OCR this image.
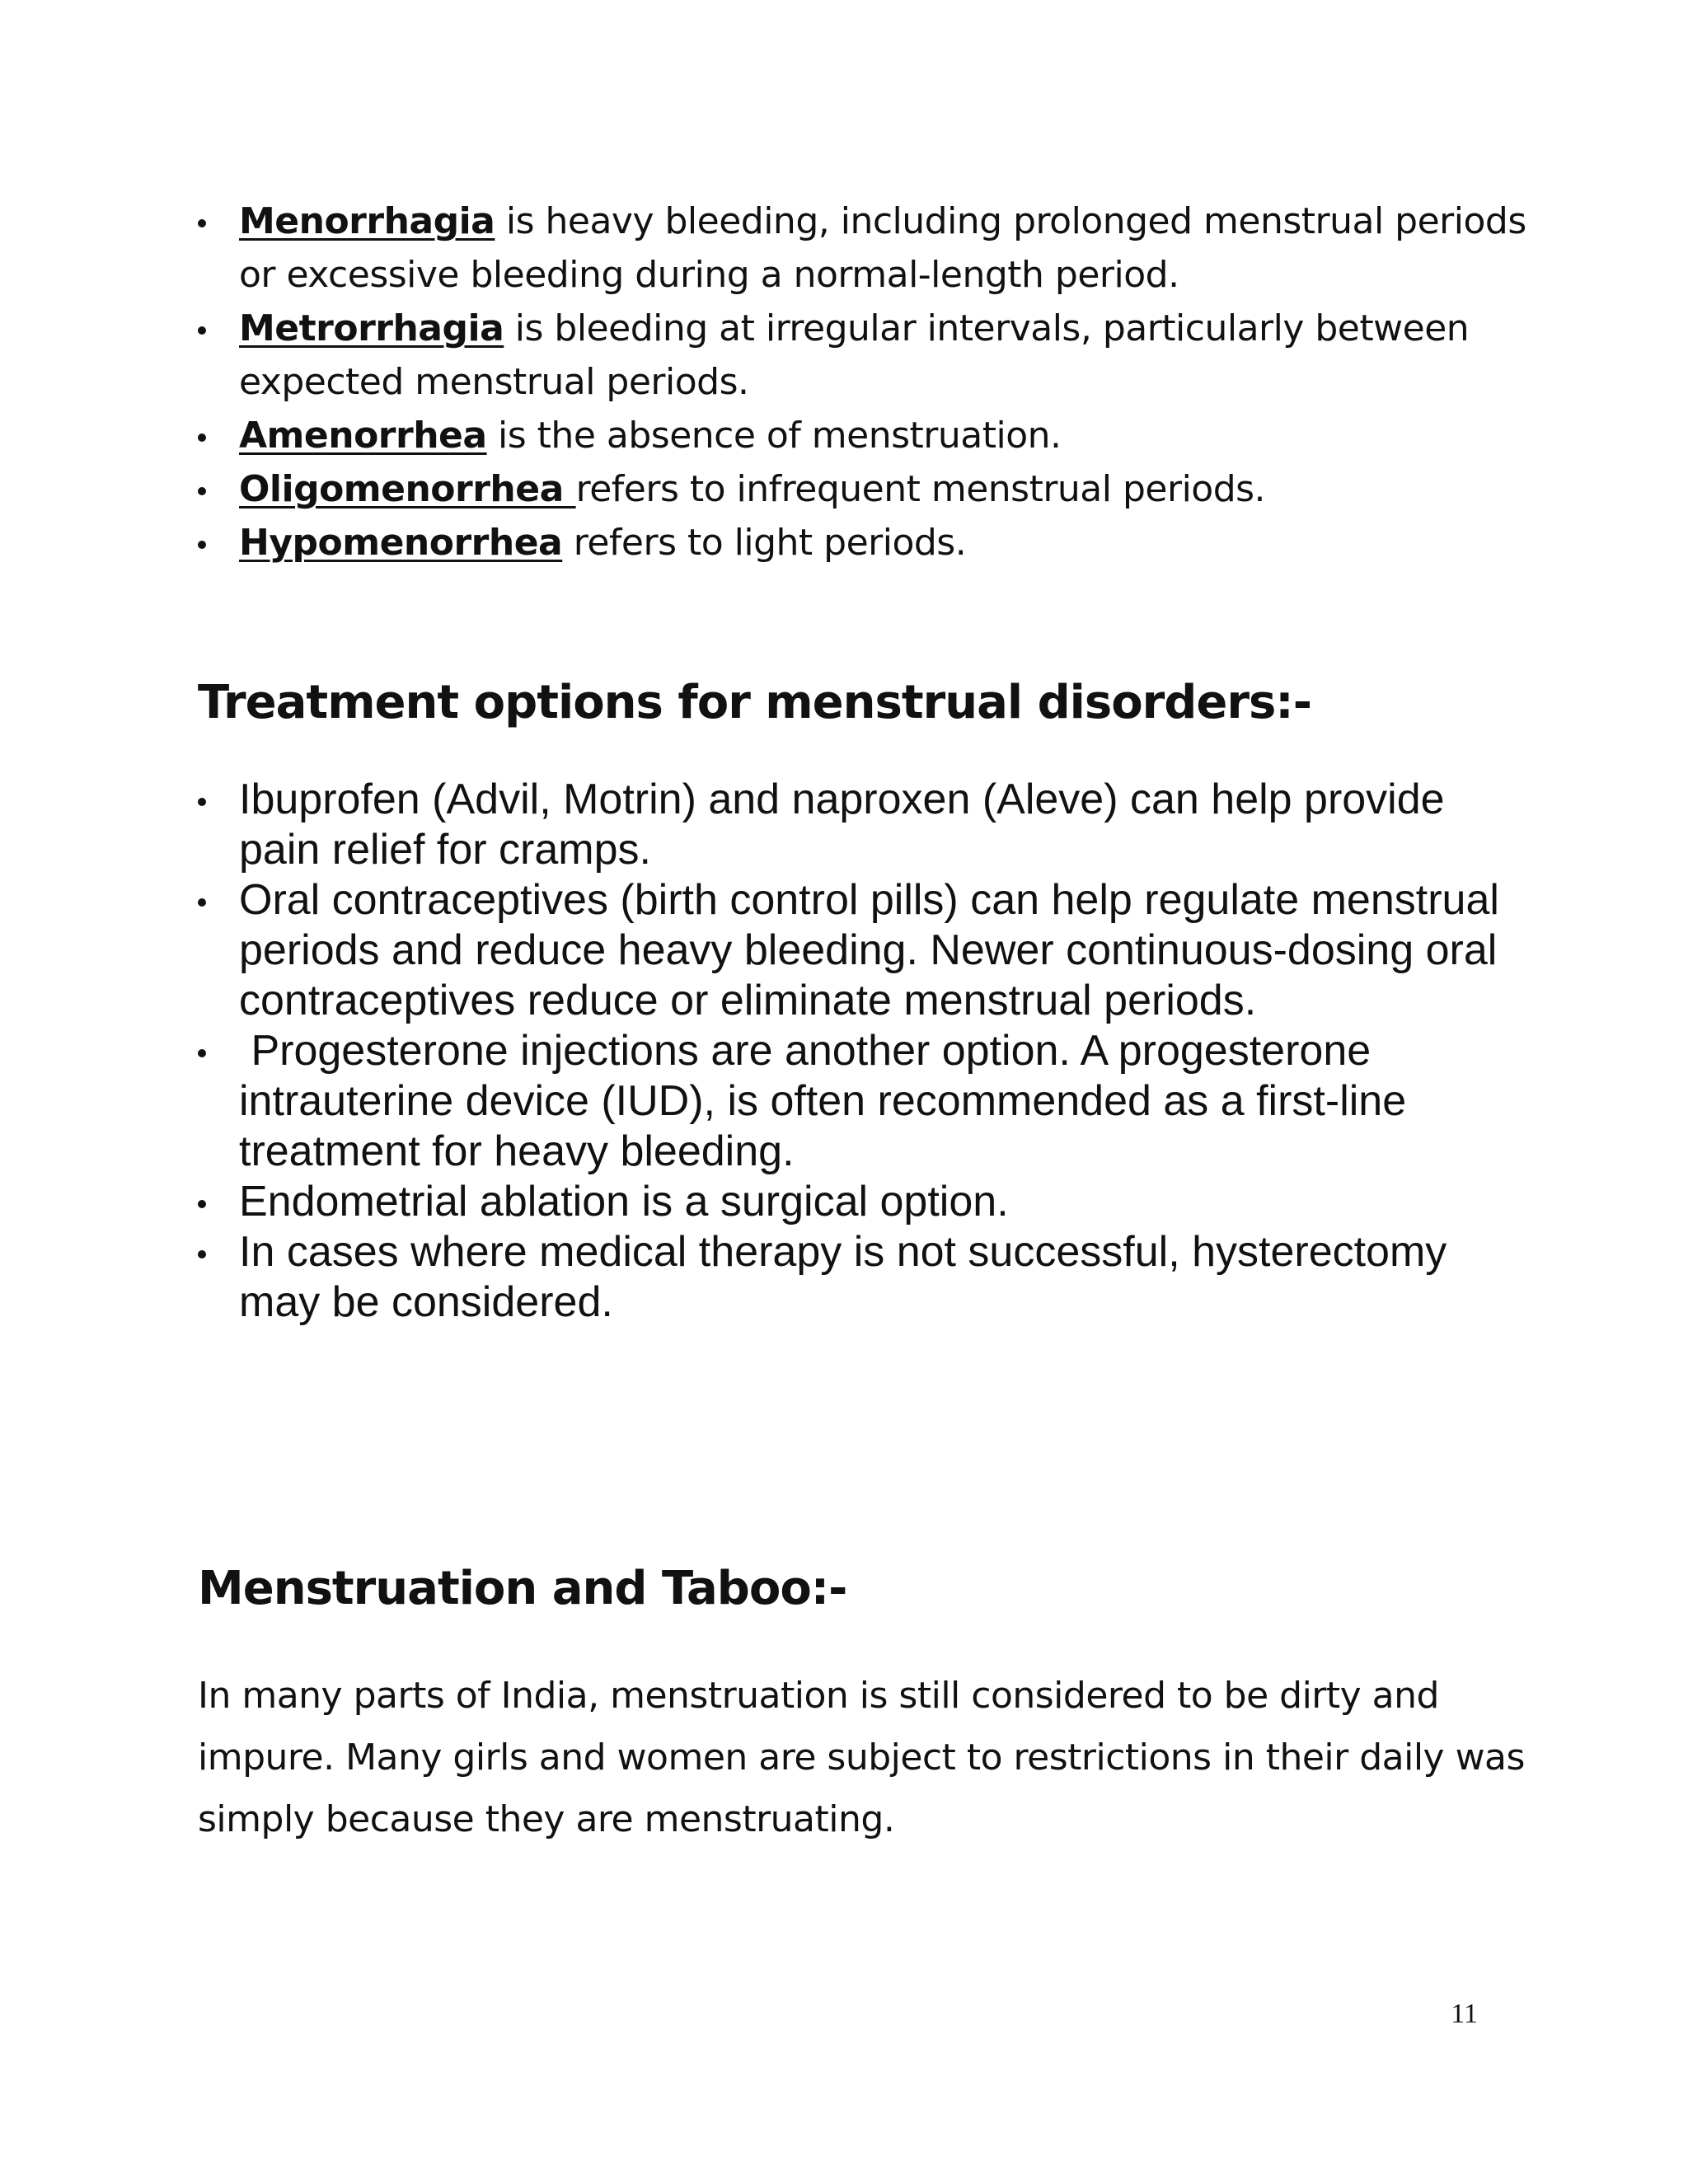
Menorrhagia is heavy bleeding, including prolonged menstrual periods or excessive bleeding during a normal-length period.
Metrorrhagia is bleeding at irregular intervals, particularly between expected menstrual periods.
Amenorrhea is the absence of menstruation.
Oligomenorrhea refers to infrequent menstrual periods.
Hypomenorrhea refers to light periods.
Treatment options for menstrual disorders:-
Ibuprofen (Advil, Motrin) and naproxen (Aleve) can help provide pain relief for cramps.
Oral contraceptives (birth control pills) can help regulate menstrual periods and reduce heavy bleeding. Newer continuous-dosing oral contraceptives reduce or eliminate menstrual periods.
Progesterone injections are another option. A progesterone intrauterine device (IUD), is often recommended as a first-line treatment for heavy bleeding.
Endometrial ablation is a surgical option.
In cases where medical therapy is not successful, hysterectomy may be considered.
Menstruation and Taboo:-

In many parts of India, menstruation is still considered to be dirty and impure. Many girls and women are subject to restrictions in their daily was simply because they are menstruating.

11
